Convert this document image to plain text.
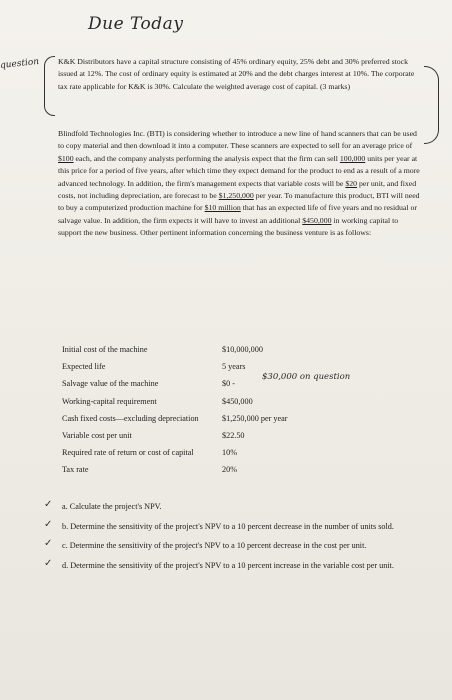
Due Today
question K&K Distributors have a capital structure consisting of 45% ordinary equity, 25% debt and 30% preferred stock issued at 12%. The cost of ordinary equity is estimated at 20% and the debt charges interest at 10%. The corporate tax rate applicable for K&K is 30%. Calculate the weighted average cost of capital. (3 marks)
Blindfold Technologies Inc. (BTI) is considering whether to introduce a new line of hand scanners that can be used to copy material and then download it into a computer. These scanners are expected to sell for an average price of $100 each, and the company analysts performing the analysis expect that the firm can sell 100,000 units per year at this price for a period of five years, after which time they expect demand for the product to end as a result of a more advanced technology. In addition, the firm's management expects that variable costs will be $20 per unit, and fixed costs, not including depreciation, are forecast to be $1,250,000 per year. To manufacture this product, BTI will need to buy a computerized production machine for $10 million that has an expected life of five years and no residual or salvage value. In addition, the firm expects it will have to invest an additional $450,000 in working capital to support the new business. Other pertinent information concerning the business venture is as follows:
Initial cost of the machine	$10,000,000
Expected life	5 years
Salvage value of the machine	$0 -
Working-capital requirement	$450,000
Cash fixed costs—excluding depreciation	$1,250,000 per year
Variable cost per unit	$22.50
Required rate of return or cost of capital	10%
Tax rate	20%
$30,000 on question
✓ a. Calculate the project's NPV.
✓ b. Determine the sensitivity of the project's NPV to a 10 percent decrease in the number of units sold.
✓ c. Determine the sensitivity of the project's NPV to a 10 percent decrease in the cost per unit.
✓ d. Determine the sensitivity of the project's NPV to a 10 percent increase in the variable cost per unit.
